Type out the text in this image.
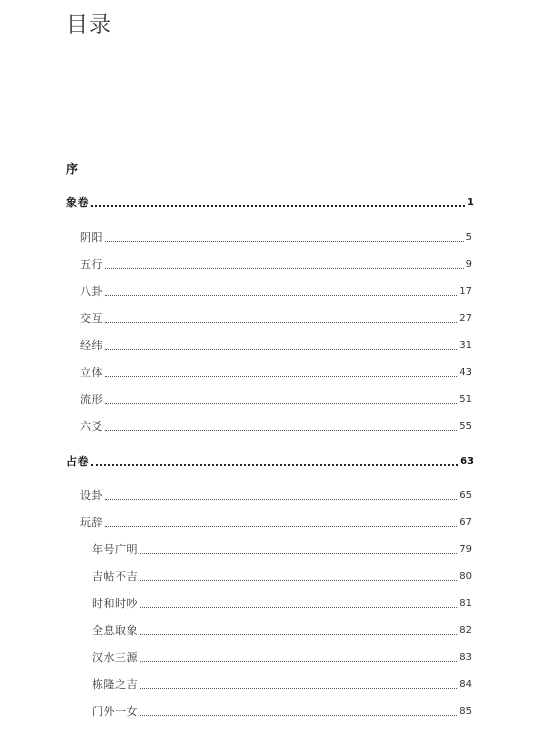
目录
序
象卷	1
阴阳	5
五行	9
八卦	17
交互	27
经纬	31
立体	43
流形	51
六爻	55
占卷	63
设卦	65
玩辞	67
年号广明	79
吉帖不吉	80
时和时吵	81
全息取象	82
汉水三源	83
栋隆之吉	84
门外一女	85
